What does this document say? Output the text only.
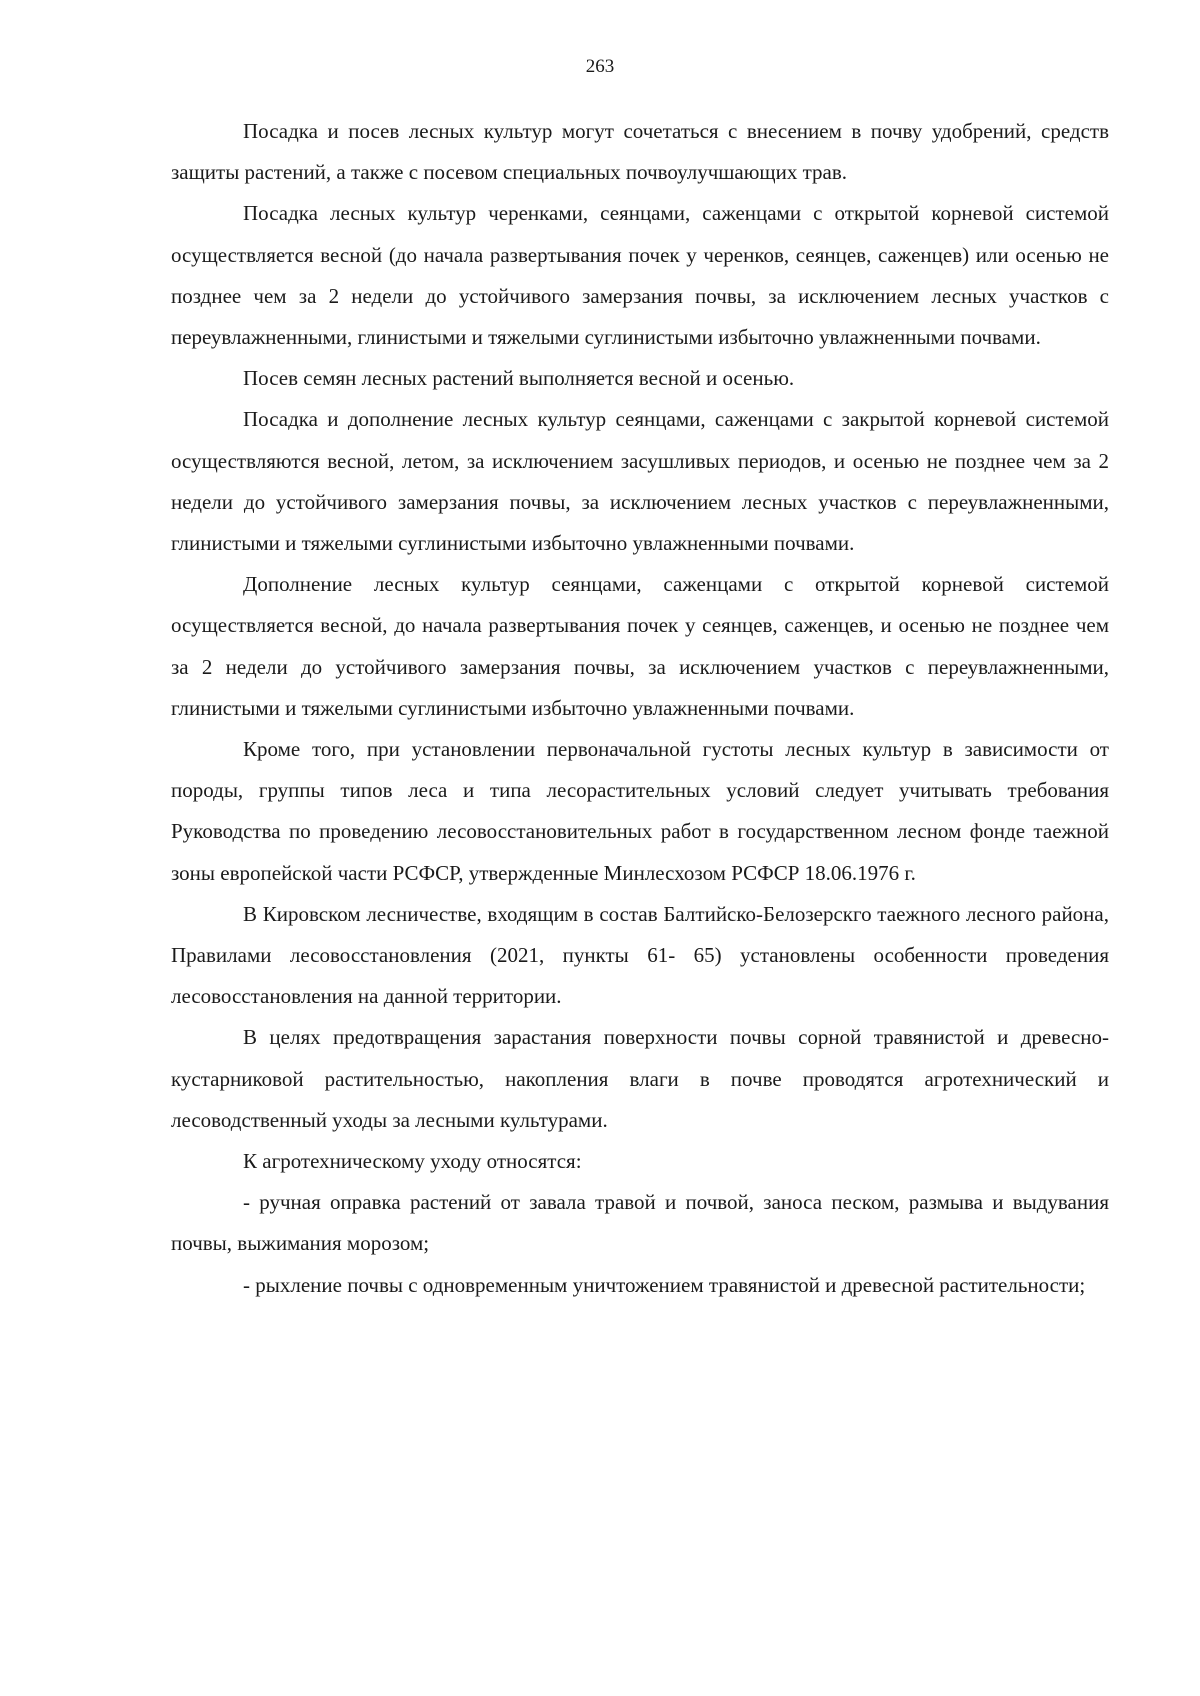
263

Посадка и посев лесных культур могут сочетаться с внесением в почву удобрений, средств защиты растений, а также с посевом специальных почвоулучшающих трав.

Посадка лесных культур черенками, сеянцами, саженцами с открытой корневой системой осуществляется весной (до начала развертывания почек у черенков, сеянцев, саженцев) или осенью не позднее чем за 2 недели до устойчивого замерзания почвы, за исключением лесных участков с переувлажненными, глинистыми и тяжелыми суглинистыми избыточно увлажненными почвами.

Посев семян лесных растений выполняется весной и осенью.

Посадка и дополнение лесных культур сеянцами, саженцами с закрытой корневой системой осуществляются весной, летом, за исключением засушливых периодов, и осенью не позднее чем за 2 недели до устойчивого замерзания почвы, за исключением лесных участков с переувлажненными, глинистыми и тяжелыми суглинистыми избыточно увлажненными почвами.

Дополнение лесных культур сеянцами, саженцами с открытой корневой системой осуществляется весной, до начала развертывания почек у сеянцев, саженцев, и осенью не позднее чем за 2 недели до устойчивого замерзания почвы, за исключением участков с переувлажненными, глинистыми и тяжелыми суглинистыми избыточно увлажненными почвами.

Кроме того, при установлении первоначальной густоты лесных культур в зависимости от породы, группы типов леса и типа лесорастительных условий следует учитывать требования Руководства по проведению лесовосстановительных работ в государственном лесном фонде таежной зоны европейской части РСФСР, утвержденные Минлесхозом РСФСР 18.06.1976 г.

В Кировском лесничестве, входящим в состав Балтийско-Белозерскго таежного лесного района, Правилами лесовосстановления (2021, пункты 61- 65) установлены особенности проведения лесовосстановления на данной территории.

В целях предотвращения зарастания поверхности почвы сорной травянистой и древесно-кустарниковой растительностью, накопления влаги в почве проводятся агротехнический и лесоводственный уходы за лесными культурами.

К агротехническому уходу относятся:

- ручная оправка растений от завала травой и почвой, заноса песком, размыва и выдувания почвы, выжимания морозом;

- рыхление почвы с одновременным уничтожением травянистой и древесной растительности;
